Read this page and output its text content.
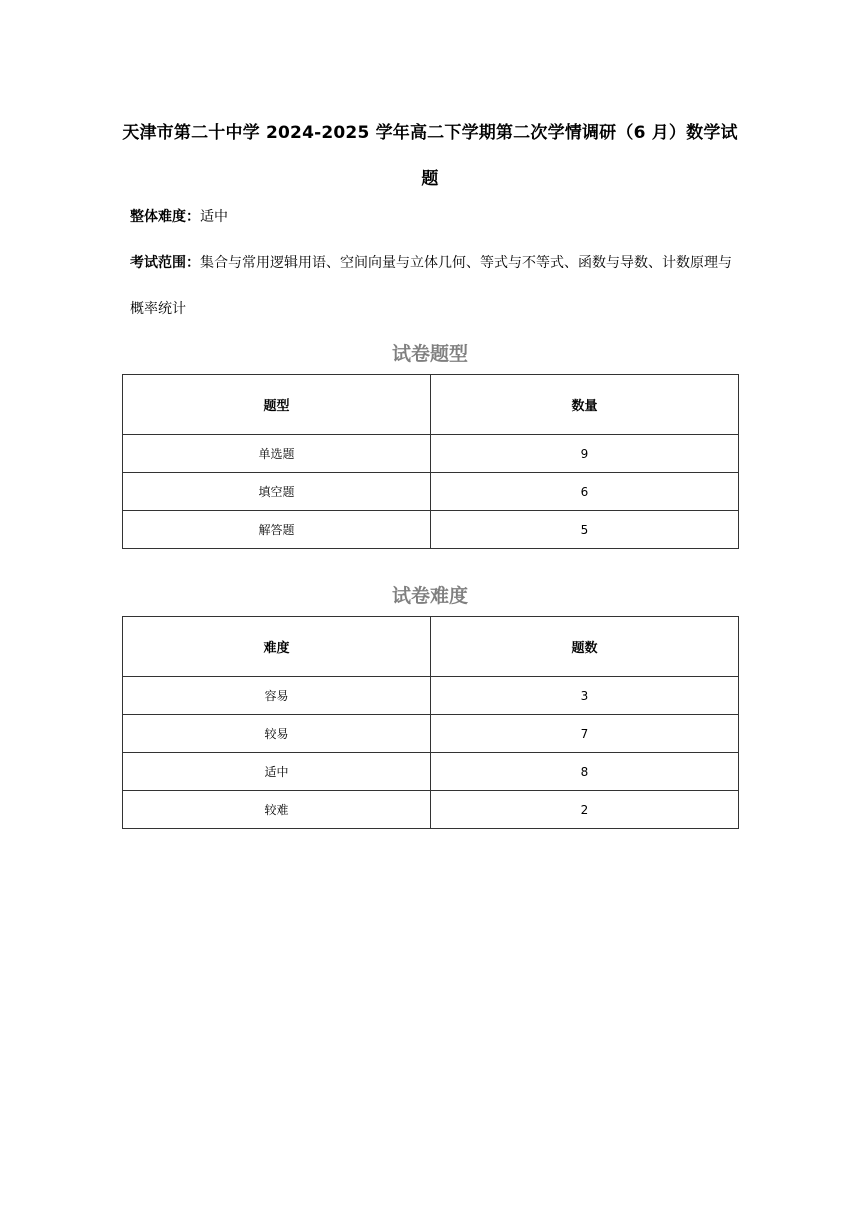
天津市第二十中学 2024-2025 学年高二下学期第二次学情调研（6 月）数学试题
整体难度：适中
考试范围：集合与常用逻辑用语、空间向量与立体几何、等式与不等式、函数与导数、计数原理与概率统计
试卷题型
题型	数量
单选题	9
填空题	6
解答题	5
试卷难度
难度	题数
容易	3
较易	7
适中	8
较难	2
